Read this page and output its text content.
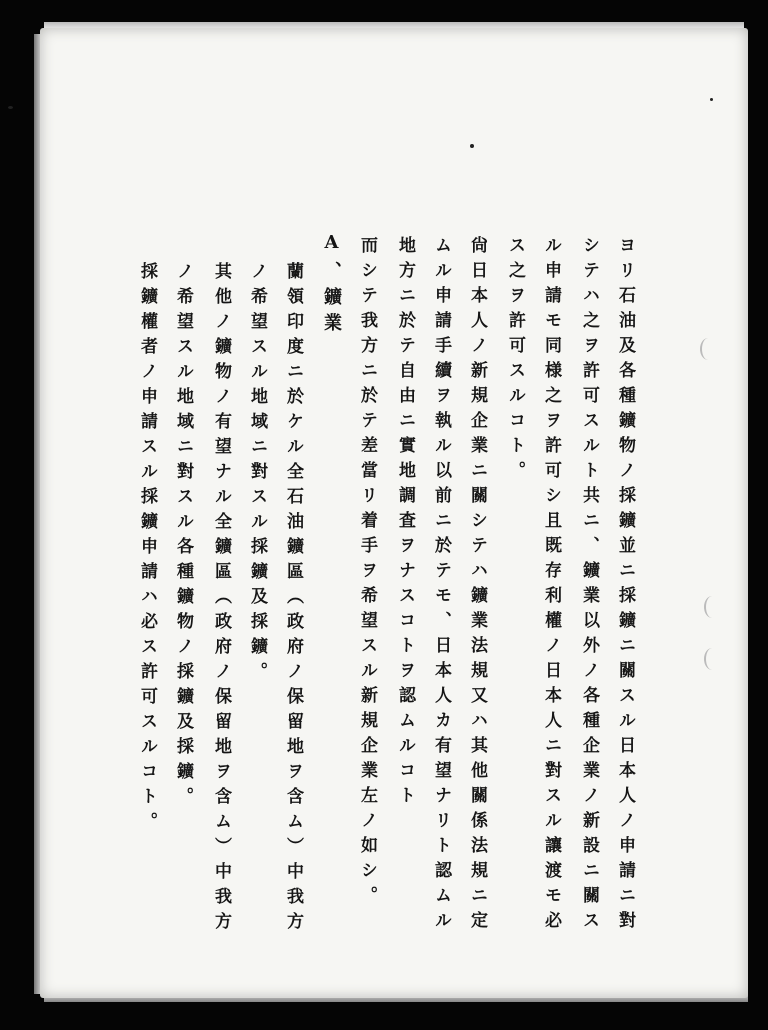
ヨリ石油及各種鑛物ノ採鑛並ニ採鑛ニ關スル日本人ノ申請ニ對
シテハ之ヲ許可スルト共ニ、鑛業以外ノ各種企業ノ新設ニ關ス
ル申請モ同様之ヲ許可シ且既存利權ノ日本人ニ對スル讓渡モ必
ス之ヲ許可スルコト。
尙日本人ノ新規企業ニ關シテハ鑛業法規又ハ其他關係法規ニ定
ムル申請手續ヲ執ル以前ニ於テモ、日本人カ有望ナリト認ムル
地方ニ於テ自由ニ實地調査ヲナスコトヲ認ムルコト
而シテ我方ニ於テ差當リ着手ヲ希望スル新規企業左ノ如シ。
A、鑛業
蘭領印度ニ於ケル全石油鑛區（政府ノ保留地ヲ含ム）中我方
ノ希望スル地域ニ對スル採鑛及採鑛。
其他ノ鑛物ノ有望ナル全鑛區（政府ノ保留地ヲ含ム）中我方
ノ希望スル地域ニ對スル各種鑛物ノ採鑛及採鑛。
採鑛權者ノ申請スル採鑛申請ハ必ス許可スルコト。
